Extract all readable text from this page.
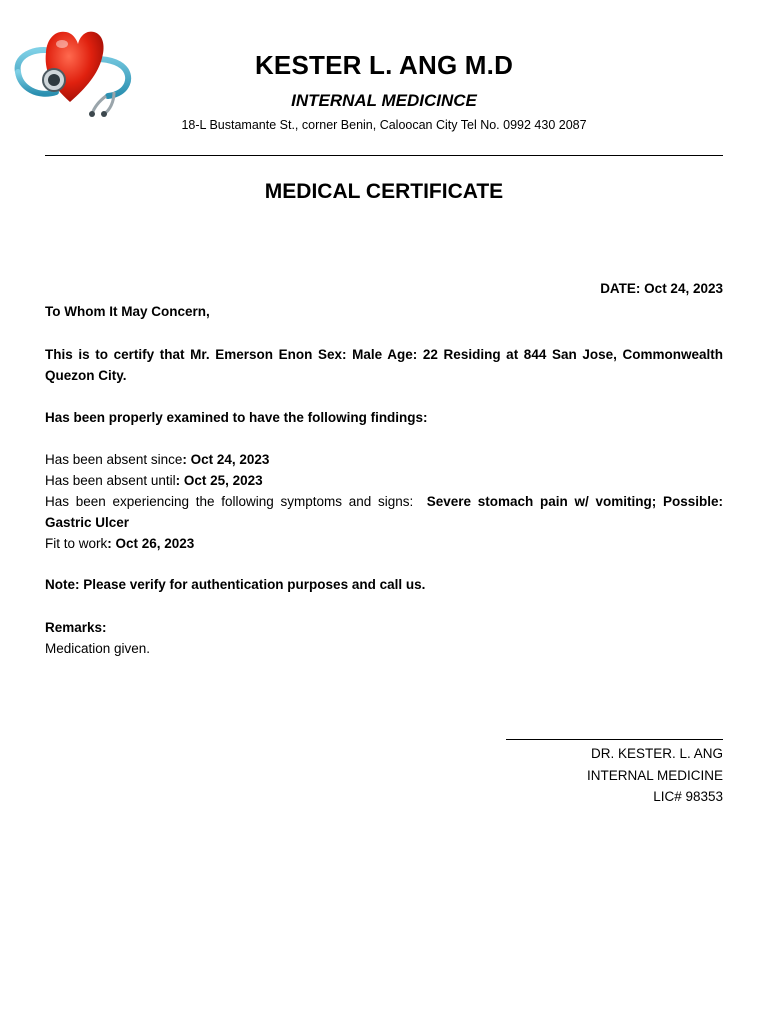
KESTER L. ANG M.D
INTERNAL MEDICINCE
18-L Bustamante St., corner Benin, Caloocan City Tel No. 0992 430 2087
MEDICAL CERTIFICATE
DATE: Oct 24, 2023
To Whom It May Concern,
This is to certify that Mr. Emerson Enon Sex: Male Age: 22 Residing at 844 San Jose, Commonwealth Quezon City.
Has been properly examined to have the following findings:
Has been absent since: Oct 24, 2023
Has been absent until: Oct 25, 2023
Has been experiencing the following symptoms and signs: Severe stomach pain w/ vomiting; Possible: Gastric Ulcer
Fit to work: Oct 26, 2023
Note: Please verify for authentication purposes and call us.
Remarks:
Medication given.
DR. KESTER. L. ANG
INTERNAL MEDICINE
LIC# 98353
